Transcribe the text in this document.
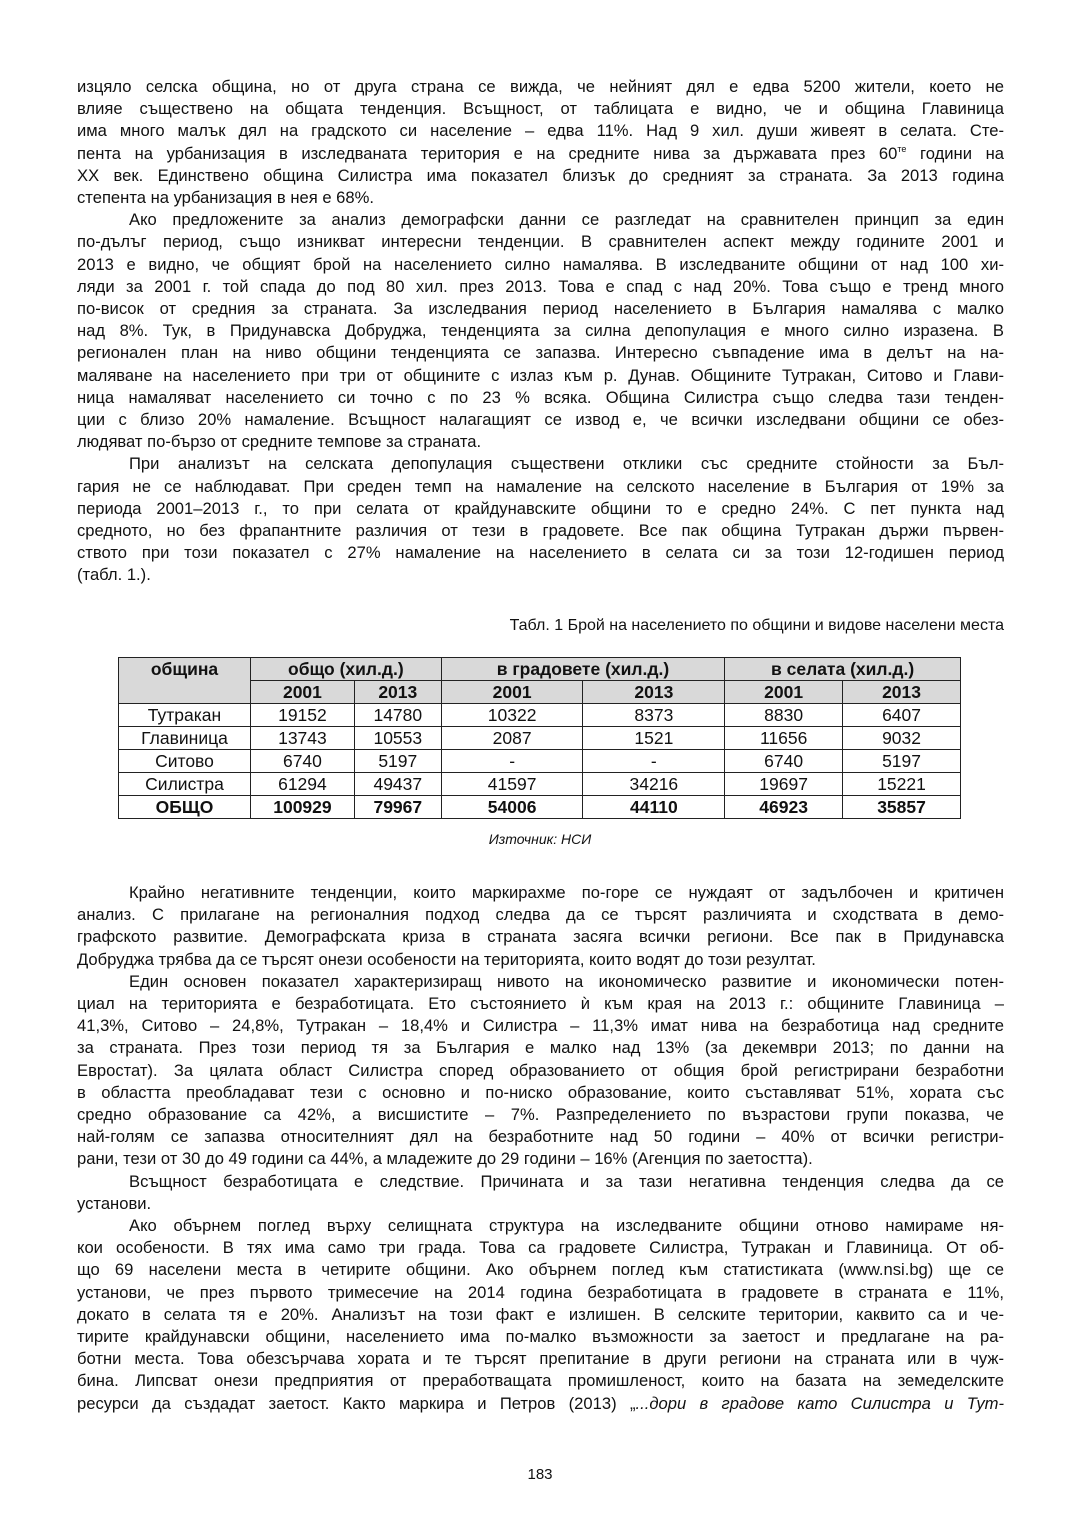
изцяло селска община, но от друга страна се вижда, че нейният дял е едва 5200 жители, което не
влияе съществено на общата тенденция. Всъщност, от таблицата е видно, че и община Главиница
има много малък дял на градското си население – едва 11%. Над 9 хил. души живеят в селата. Сте-
пента на урбанизация в изследваната територия е на средните нива за държавата през $60^{те}$ години на
XX век. Единствено община Силистра има показател близък до средният за страната. За 2013 година
степента на урбанизация в нея е 68%.

Ако предложените за анализ демографски данни се разгледат на сравнителен принцип за един
по-дълъг период, също изникват интересни тенденции. В сравнителен аспект между годините 2001 и
2013 е видно, че общият брой на населението силно намалява. В изследваните общини от над 100 хи-
ляди за 2001 г. той спада до под 80 хил. през 2013. Това е спад с над 20%. Това също е тренд много
по-висок от средния за страната. За изследвания период населението в България намалява с малко
над 8%. Тук, в Придунавска Добруджа, тенденцията за силна депопулация е много силно изразена. В
регионален план на ниво общини тенденцията се запазва. Интересно съвпадение има в делът на на-
маляване на населението при три от общините с излаз към р. Дунав. Общините Тутракан, Ситово и Глави-
ница намаляват населението си точно с по 23 % всяка. Община Силистра също следва тази тенден-
ции с близо 20% намаление. Всъщност налагащият се извод е, че всички изследвани общини се обез-
людяват по-бързо от средните темпове за страната.

При анализът на селската депопулация съществени отклики със средните стойности за Бъл-
гария не се наблюдават. При среден темп на намаление на селското население в България от 19% за
периода 2001–2013 г., то при селата от крайдунавските общини то е средно 24%. С пет пункта над
средното, но без фрапантните различия от тези в градовете. Все пак община Тутракан държи първен-
ството при този показател с 27% намаление на населението в селата си за този 12-годишен период
(табл. 1.).

Табл. 1 Брой на населението по общини и видове населени места
община	общо (хил.д.)		в градовете (хил.д.)		в селата (хил.д.)	
	2001	2013	2001	2013	2001	2013
Тутракан	19152	14780	10322	8373	8830	6407
Главиница	13743	10553	2087	1521	11656	9032
Ситово	6740	5197	-	-	6740	5197
Силистра	61294	49437	41597	34216	19697	15221
ОБЩО	100929	79967	54006	44110	46923	35857
Източник: НСИ

Крайно негативните тенденции, които маркирахме по-горе се нуждаят от задълбочен и критичен
анализ. С прилагане на регионалния подход следва да се търсят различията и сходствата в демо-
графското развитие. Демографската криза в страната засяга всички региони. Все пак в Придунавска
Добруджа трябва да се търсят онези особености на територията, които водят до този резултат.

Един основен показател характеризиращ нивото на икономическо развитие и икономически потен-
циал на територията е безработицата. Ето състоянието ѝ към края на 2013 г.: общините Главиница –
41,3%, Ситово – 24,8%, Тутракан – 18,4% и Силистра – 11,3% имат нива на безработица над средните
за страната. През този период тя за България е малко над 13% (за декември 2013; по данни на
Евростат). За цялата област Силистра според образованието от общия брой регистрирани безработни
в областта преобладават тези с основно и по-ниско образование, които съставляват 51%, хората със
средно образование са 42%, а висшистите – 7%. Разпределението по възрастови групи показва, че
най-голям се запазва относителният дял на безработните над 50 години – 40% от всички регистри-
рани, тези от 30 до 49 години са 44%, а младежите до 29 години – 16% (Агенция по заетостта).

Всъщност безработицата е следствие. Причината и за тази негативна тенденция следва да се
установи.

Ако обърнем поглед върху селищната структура на изследваните общини отново намираме ня-
кои особености. В тях има само три града. Това са градовете Силистра, Тутракан и Главиница. От об-
що 69 населени места в четирите общини. Ако обърнем поглед към статистиката (www.nsi.bg) ще се
установи, че през първото тримесечие на 2014 година безработицата в градовете в страната е 11%,
докато в селата тя е 20%. Анализът на този факт е излишен. В селските територии, каквито са и че-
тирите крайдунавски общини, населението има по-малко възможности за заетост и предлагане на ра-
ботни места. Това обезсърчава хората и те търсят препитание в други региони на страната или в чуж-
бина. Липсват онези предприятия от преработващата промишленост, които на базата на земеделските
ресурси да създадат заетост. Както маркира и Петров (2013) „...дори в градове като Силистра и Тут-

183
